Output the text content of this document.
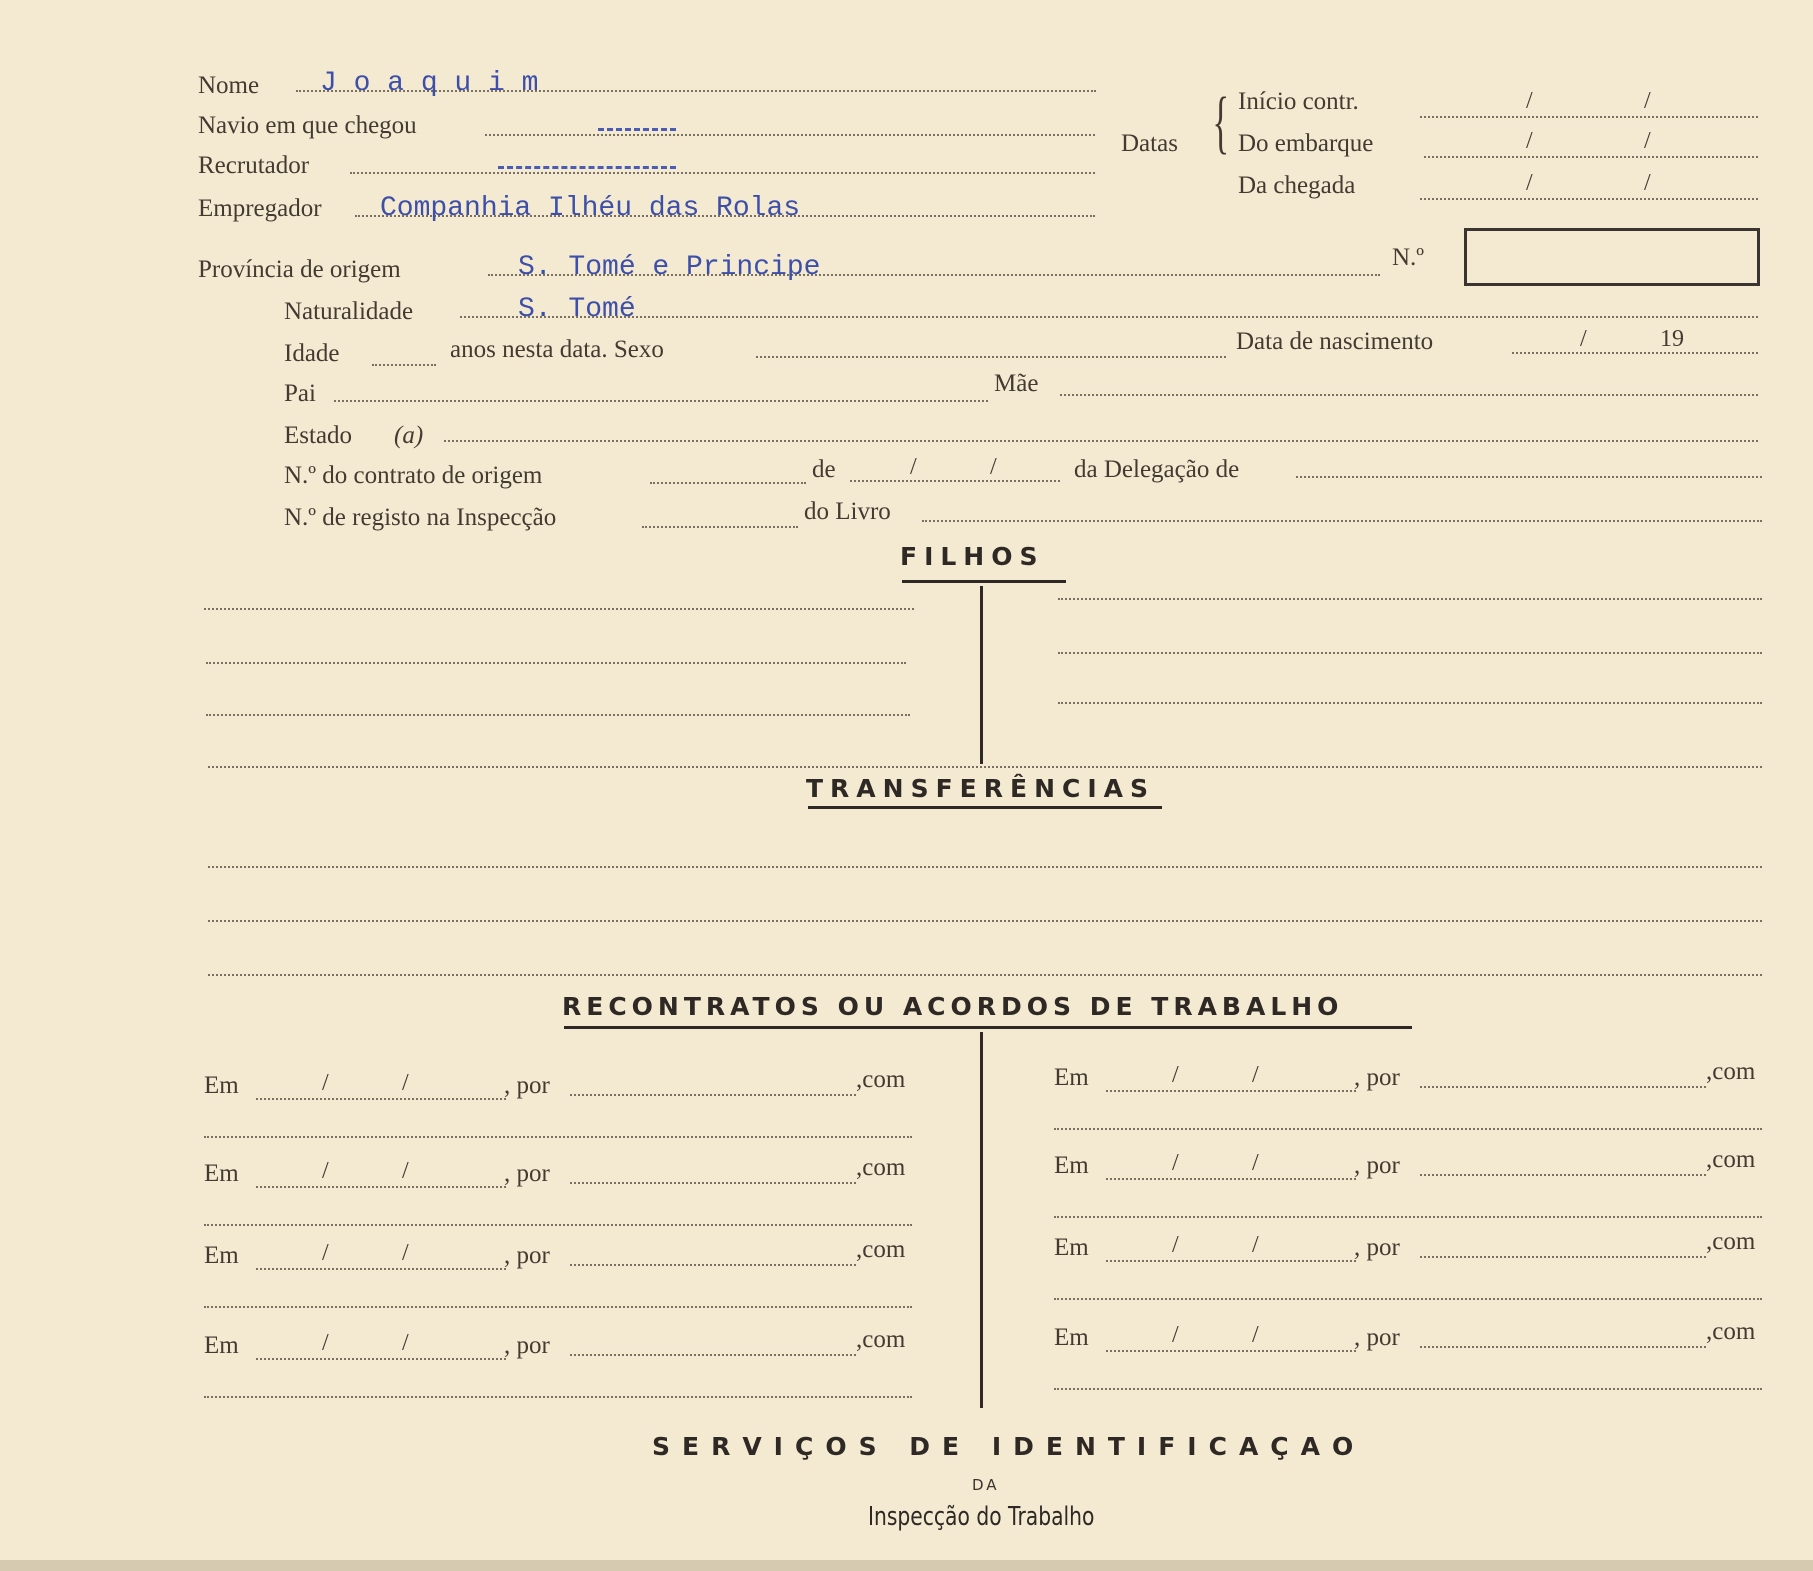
Nome J o a q u i m
Navio em que chegou
Recrutador
Empregador Companhia Ilhéu das Rolas
Datas { Início contr.	/	/
Do embarque	/	/
Da chegada	/	/
Província de origem	S. Tomé e Principe	N.º
Naturalidade	S. Tomé
Idade	anos nesta data. Sexo	Data de nascimento	/	19
Pai	Mãe
Estado (a)
N.º do contrato de origem	de	/	/	da Delegação de
N.º de registo na Inspecção	do Livro
FILHOS
TRANSFERÊNCIAS
RECONTRATOS OU ACORDOS DE TRABALHO
Em	/	/	, por	,com
Em	/	/	, por	,com
Em	/	/	, por	,com
Em	/	/	, por	,com
Em	/	/	, por	,com
Em	/	/	, por	,com
Em	/	/	, por	,com
Em	/	/	, por	,com
SERVIÇOS DE IDENTIFICAÇAO
DA
Inspecção do Trabalho
